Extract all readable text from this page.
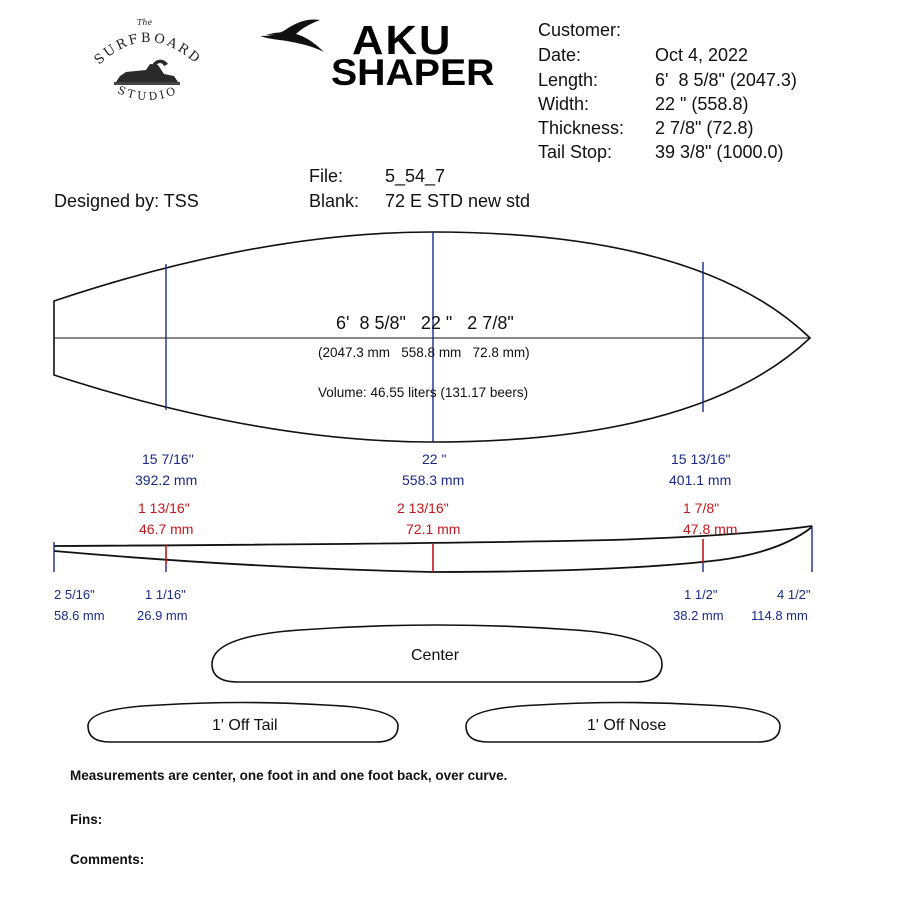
The
SURFBOARD
STUDIO
AKU
SHAPER
Customer:
Date:	Oct 4, 2022
Length:	6'  8 5/8" (2047.3)
Width:	22 " (558.8)
Thickness: 2 7/8" (72.8)
Tail Stop: 39 3/8" (1000.0)
File: 5_54_7
Blank: 72 E STD new std
Designed by: TSS
6'  8 5/8"   22 "   2 7/8"
(2047.3 mm   558.8 mm   72.8 mm)
Volume: 46.55 liters (131.17 beers)
15 7/16"
392.2 mm
22 "
558.3 mm
15 13/16"
401.1 mm
1 13/16"
46.7 mm
2 13/16"
72.1 mm
1 7/8"
47.8 mm
2 5/16"
58.6 mm
1 1/16"
26.9 mm
1 1/2"
38.2 mm
4 1/2"
114.8 mm
Center
1' Off Tail	1' Off Nose
Measurements are center, one foot in and one foot back, over curve.
Fins:
Comments:
